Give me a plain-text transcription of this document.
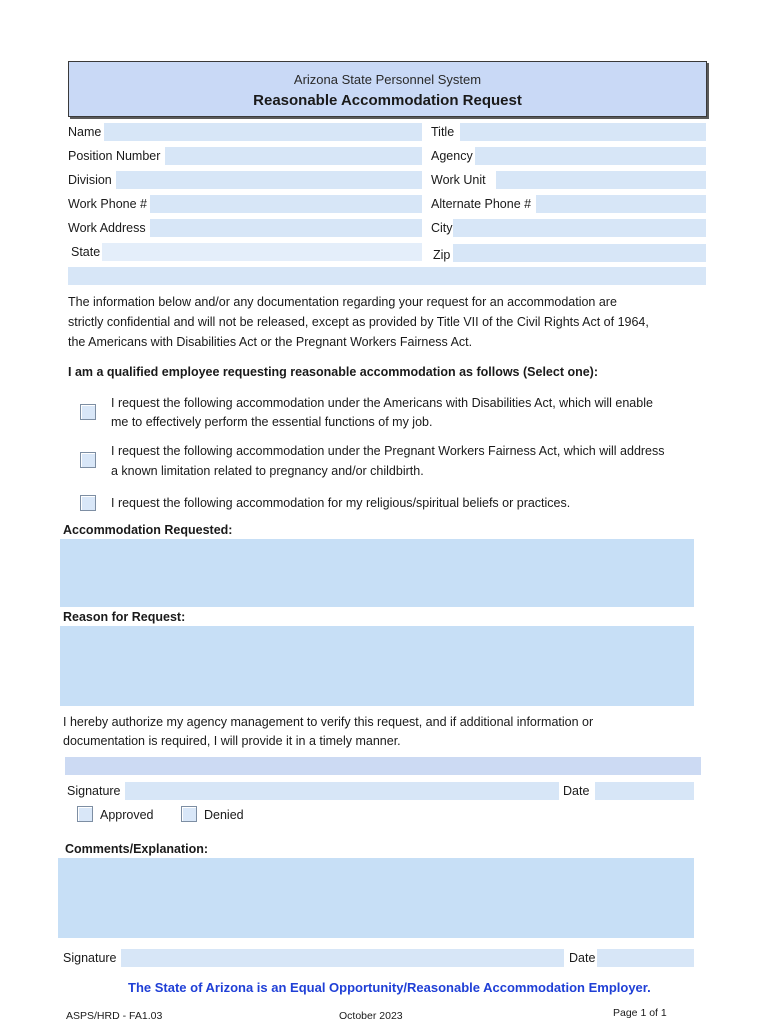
Arizona State Personnel System
Reasonable Accommodation Request
Name	Title
Position Number	Agency
Division	Work Unit
Work Phone #	Alternate Phone #
Work Address	City
State	Zip
The information below and/or any documentation regarding your request for an accommodation are
strictly confidential and will not be released, except as provided by Title VII of the Civil Rights Act of 1964,
the Americans with Disabilities Act or the Pregnant Workers Fairness Act.
I am a qualified employee requesting reasonable accommodation as follows (Select one):
I request the following accommodation under the Americans with Disabilities Act, which will enable
me to effectively perform the essential functions of my job.
I request the following accommodation under the Pregnant Workers Fairness Act, which will address
a known limitation related to pregnancy and/or childbirth.
I request the following accommodation for my religious/spiritual beliefs or practices.
Accommodation Requested:
Reason for Request:
I hereby authorize my agency management to verify this request, and if additional information or
documentation is required, I will provide it in a timely manner.
Signature	Date
Approved	Denied
Comments/Explanation:
Signature	Date
The State of Arizona is an Equal Opportunity/Reasonable Accommodation Employer.
ASPS/HRD - FA1.03	October 2023	Page 1 of 1
